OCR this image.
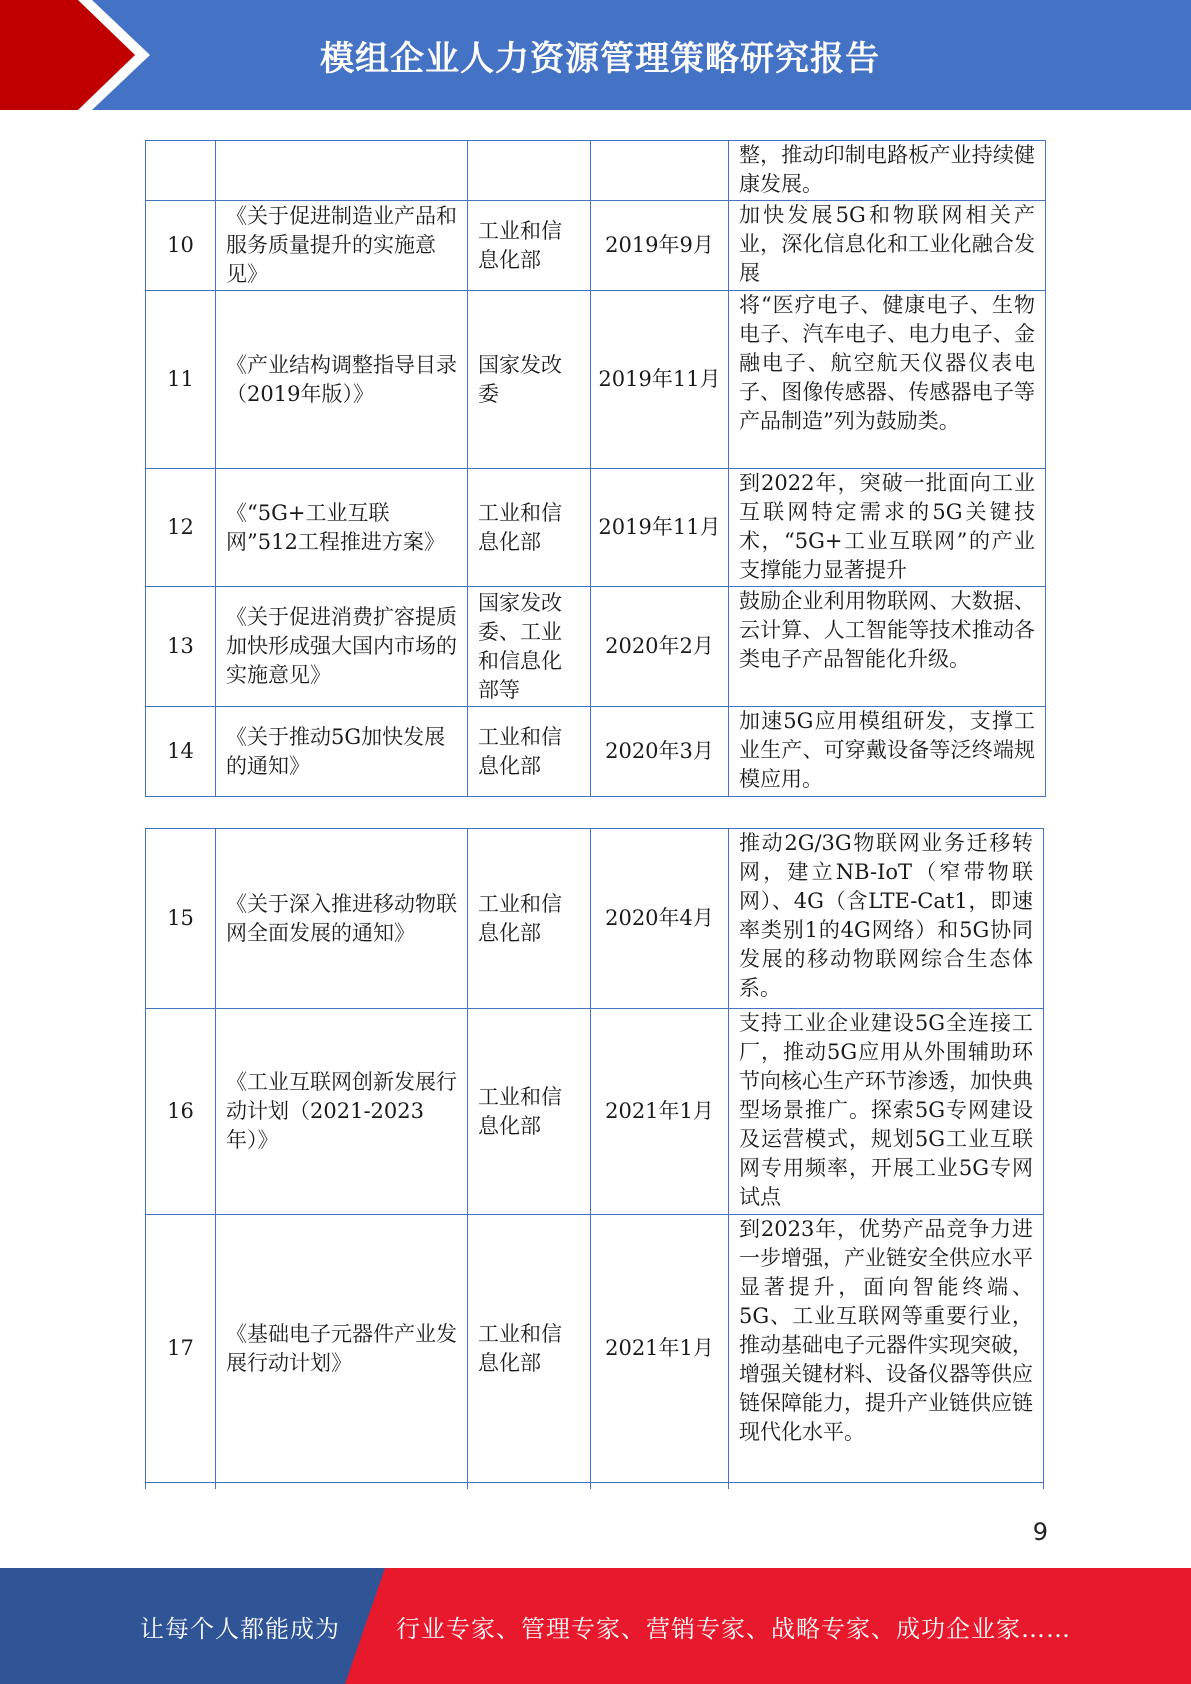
模组企业人力资源管理策略研究报告
				整，推动印制电路板产业持续健康发展。
10	《关于促进制造业产品和服务质量提升的实施意见》	工业和信息化部	2019年9月	加快发展5G和物联网相关产业，深化信息化和工业化融合发展
11	《产业结构调整指导目录（2019年版）》	国家发改委	2019年11月	将“医疗电子、健康电子、生物电子、汽车电子、电力电子、金融电子、航空航天仪器仪表电子、图像传感器、传感器电子等产品制造”列为鼓励类。
12	《“5G+工业互联网”512工程推进方案》	工业和信息化部	2019年11月	到2022年，突破一批面向工业互联网特定需求的5G关键技术，“5G+工业互联网”的产业支撑能力显著提升
13	《关于促进消费扩容提质加快形成强大国内市场的实施意见》	国家发改委、工业和信息化部等	2020年2月	鼓励企业利用物联网、大数据、云计算、人工智能等技术推动各类电子产品智能化升级。
14	《关于推动5G加快发展的通知》	工业和信息化部	2020年3月	加速5G应用模组研发，支撑工业生产、可穿戴设备等泛终端规模应用。
15	《关于深入推进移动物联网全面发展的通知》	工业和信息化部	2020年4月	推动2G/3G物联网业务迁移转网，建立NB-IoT（窄带物联网）、4G（含LTE-Cat1，即速率类别1的4G网络）和5G协同发展的移动物联网综合生态体系。
16	《工业互联网创新发展行动计划（2021-2023年）》	工业和信息化部	2021年1月	支持工业企业建设5G全连接工厂，推动5G应用从外围辅助环节向核心生产环节渗透，加快典型场景推广。探索5G专网建设及运营模式，规划5G工业互联网专用频率，开展工业5G专网试点
17	《基础电子元器件产业发展行动计划》	工业和信息化部	2021年1月	到2023年，优势产品竞争力进一步增强，产业链安全供应水平显著提升，面向智能终端、5G、工业互联网等重要行业，推动基础电子元器件实现突破，增强关键材料、设备仪器等供应链保障能力，提升产业链供应链现代化水平。

9
让每个人都能成为 行业专家、管理专家、营销专家、战略专家、成功企业家……
